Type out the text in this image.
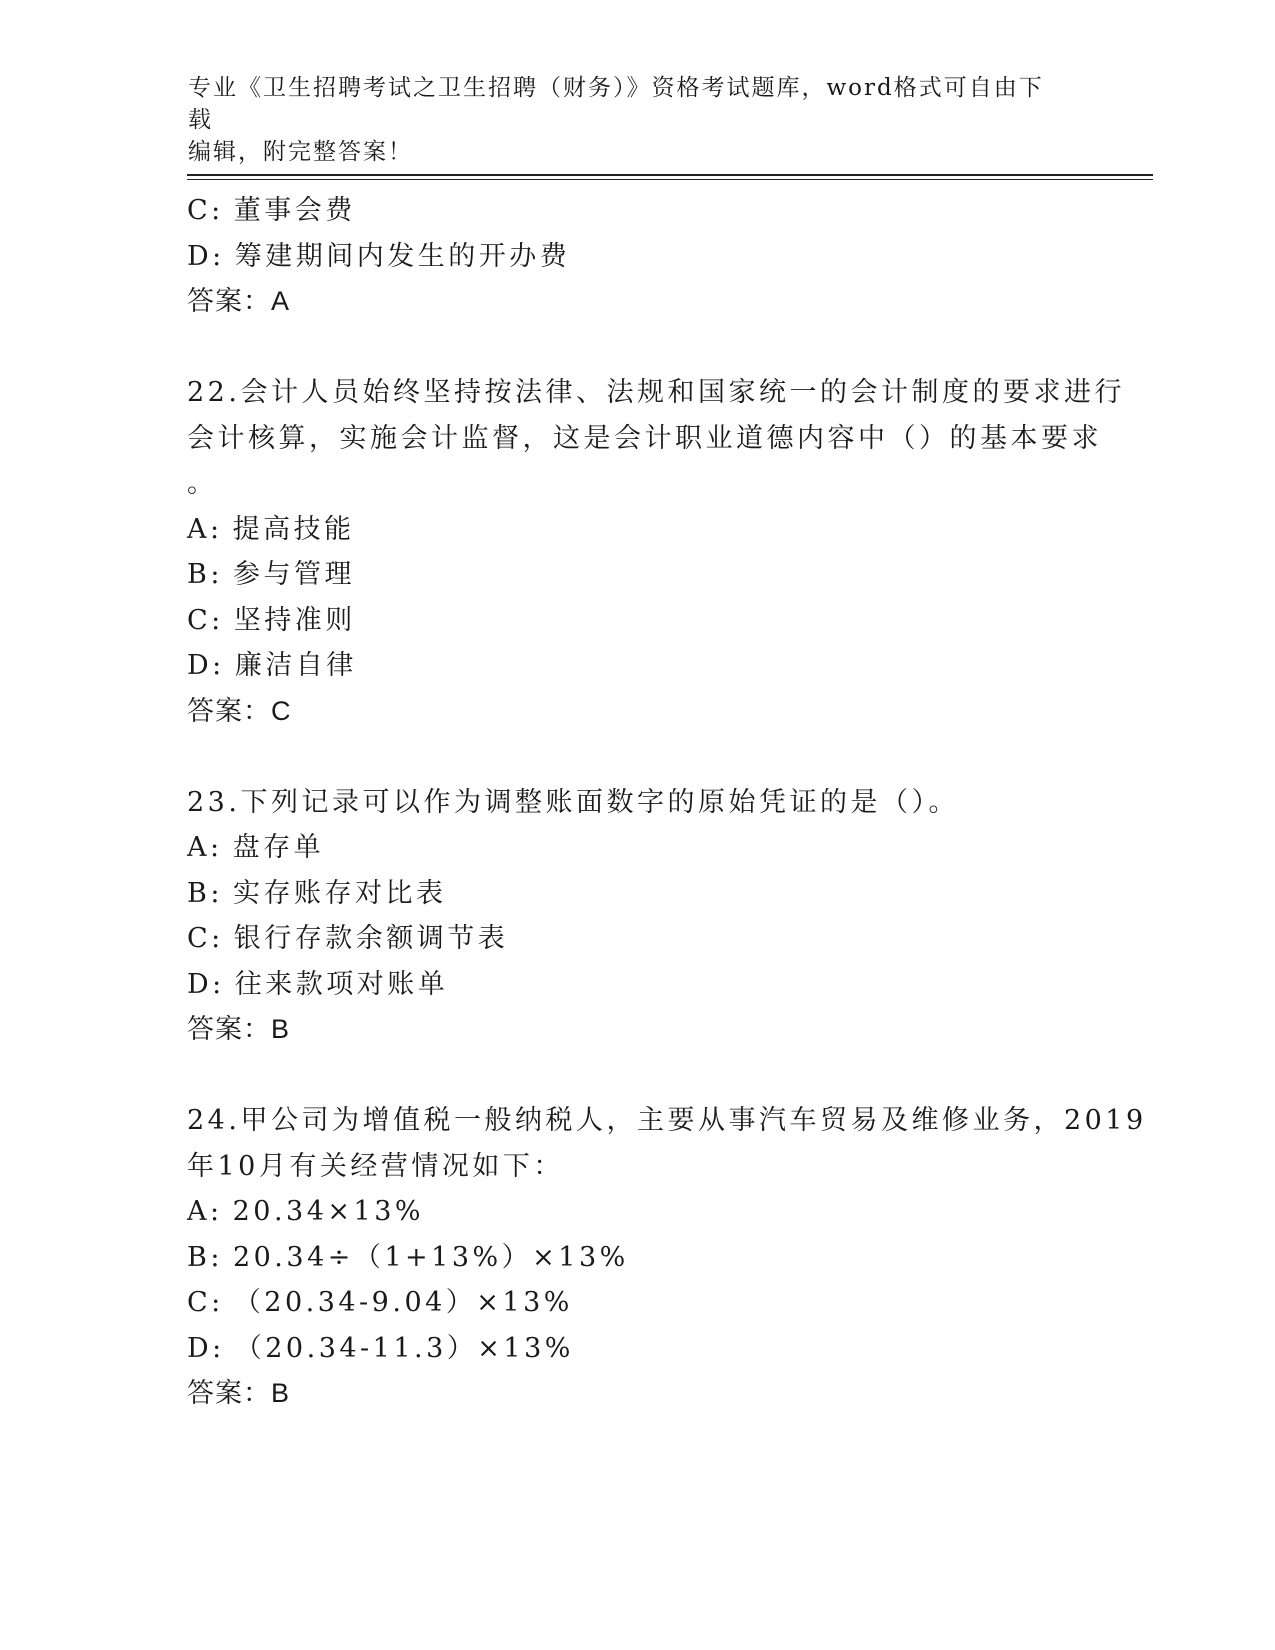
专业《卫生招聘考试之卫生招聘（财务）》资格考试题库，word格式可自由下载
编辑，附完整答案！
C: 董事会费
D: 筹建期间内发生的开办费
答案：A
22.会计人员始终坚持按法律、法规和国家统一的会计制度的要求进行
会计核算，实施会计监督，这是会计职业道德内容中（）的基本要求
。
A: 提高技能
B: 参与管理
C: 坚持准则
D: 廉洁自律
答案：C
23.下列记录可以作为调整账面数字的原始凭证的是（）。
A: 盘存单
B: 实存账存对比表
C: 银行存款余额调节表
D: 往来款项对账单
答案：B
24.甲公司为增值税一般纳税人，主要从事汽车贸易及维修业务，2019
年10月有关经营情况如下：
A: 20.34×13%
B: 20.34÷（1+13%）×13%
C: （20.34-9.04）×13%
D: （20.34-11.3）×13%
答案：B
